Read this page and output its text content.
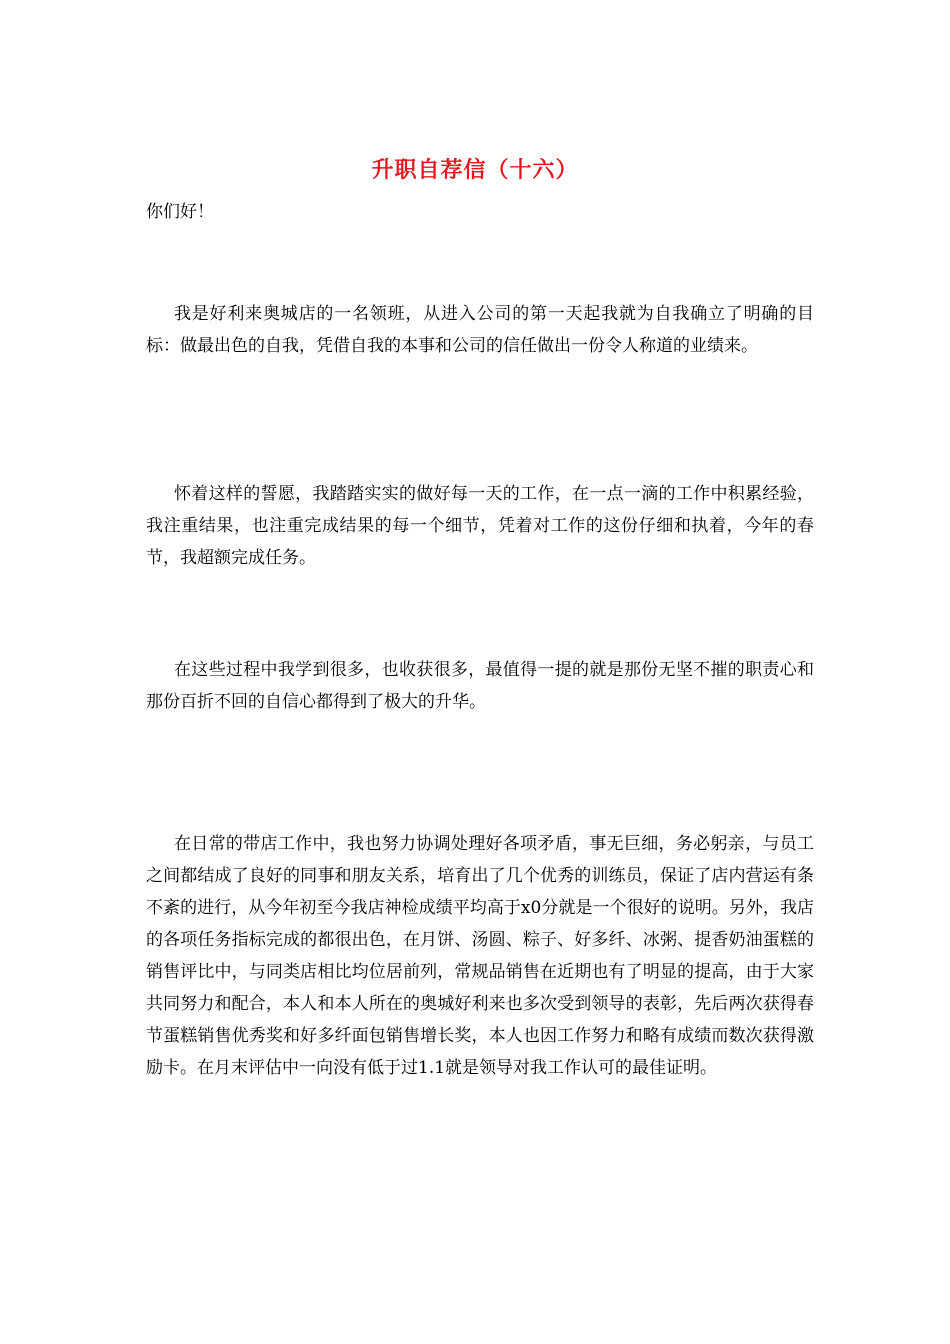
升职自荐信（十六）

你们好！

我是好利来奥城店的一名领班，从进入公司的第一天起我就为自我确立了明确的目标：做最出色的自我，凭借自我的本事和公司的信任做出一份令人称道的业绩来。

怀着这样的誓愿，我踏踏实实的做好每一天的工作，在一点一滴的工作中积累经验，我注重结果，也注重完成结果的每一个细节，凭着对工作的这份仔细和执着，今年的春节，我超额完成任务。

在这些过程中我学到很多，也收获很多，最值得一提的就是那份无坚不摧的职责心和那份百折不回的自信心都得到了极大的升华。

在日常的带店工作中，我也努力协调处理好各项矛盾，事无巨细，务必躬亲，与员工之间都结成了良好的同事和朋友关系，培育出了几个优秀的训练员，保证了店内营运有条不紊的进行，从今年初至今我店神检成绩平均高于x0分就是一个很好的说明。另外，我店的各项任务指标完成的都很出色，在月饼、汤圆、粽子、好多纤、冰粥、提香奶油蛋糕的销售评比中，与同类店相比均位居前列，常规品销售在近期也有了明显的提高，由于大家共同努力和配合，本人和本人所在的奥城好利来也多次受到领导的表彰，先后两次获得春节蛋糕销售优秀奖和好多纤面包销售增长奖，本人也因工作努力和略有成绩而数次获得激励卡。在月末评估中一向没有低于过1.1就是领导对我工作认可的最佳证明。
